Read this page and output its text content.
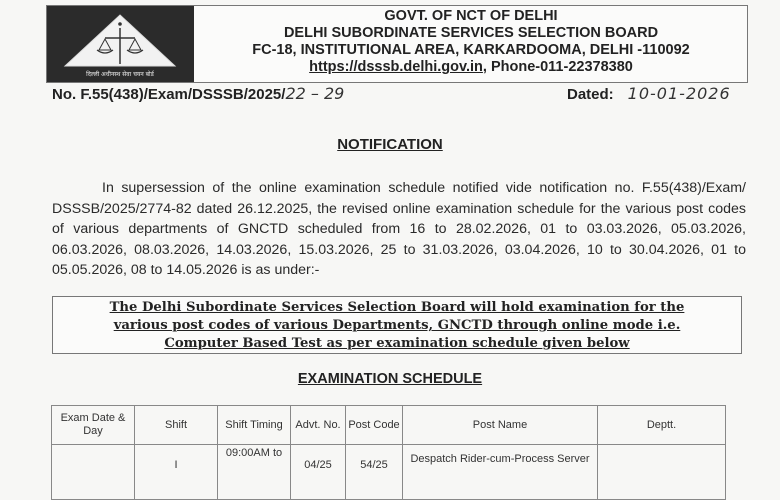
दिल्ली अधीनस्थ सेवा चयन बोर्ड
GOVT. OF NCT OF DELHI
DELHI SUBORDINATE SERVICES SELECTION BOARD
FC-18, INSTITUTIONAL AREA, KARKARDOOMA, DELHI -110092
https://dsssb.delhi.gov.in, Phone-011-22378380
No. F.55(438)/Exam/DSSSB/2025/22 – 29	Dated: 10-01-2026
NOTIFICATION
In supersession of the online examination schedule notified vide notification no. F.55(438)/Exam/ DSSSB/2025/2774-82 dated 26.12.2025, the revised online examination schedule for the various post codes of various departments of GNCTD scheduled from 16 to 28.02.2026, 01 to 03.03.2026, 05.03.2026, 06.03.2026, 08.03.2026, 14.03.2026, 15.03.2026, 25 to 31.03.2026, 03.04.2026, 10 to 30.04.2026, 01 to 05.05.2026, 08 to 14.05.2026 is as under:-
The Delhi Subordinate Services Selection Board will hold examination for the
various post codes of various Departments, GNCTD through online mode i.e.
Computer Based Test as per examination schedule given below
EXAMINATION SCHEDULE
Exam Date & Day	Shift	Shift Timing	Advt. No.	Post Code	Post Name	Deptt.
	I	09:00AM to	04/25	54/25	Despatch Rider-cum-Process Server	
